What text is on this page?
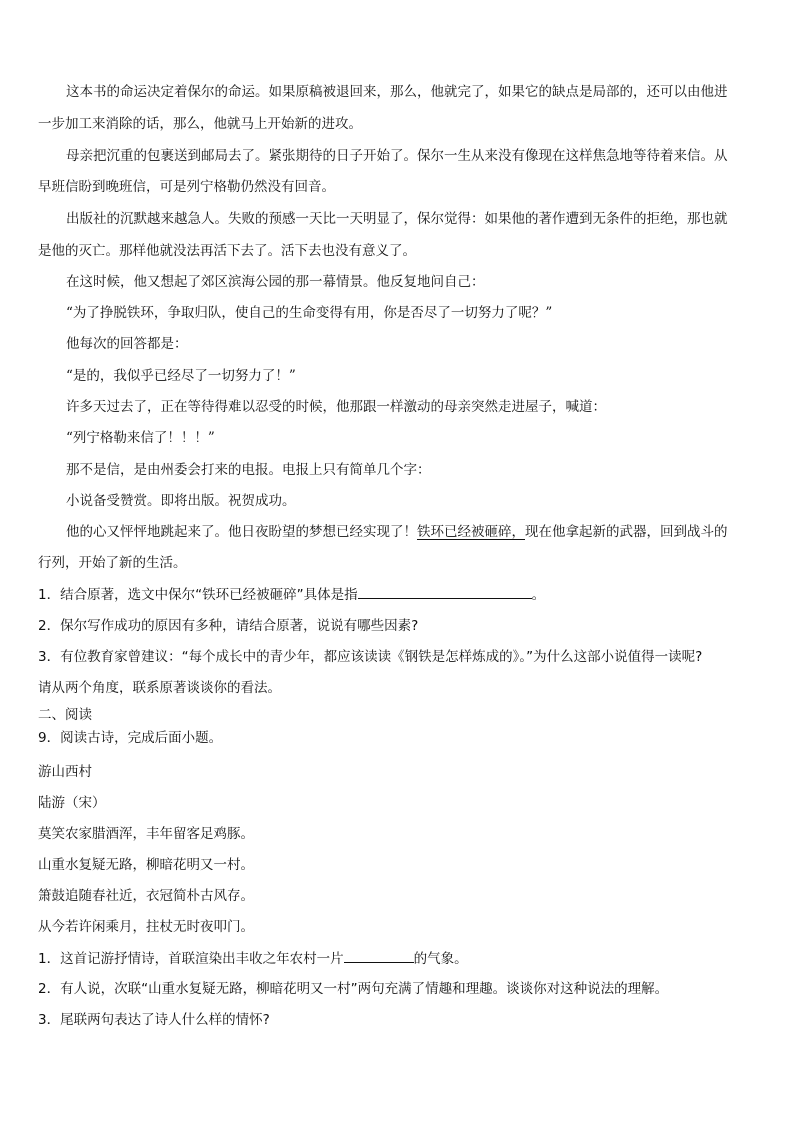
这本书的命运决定着保尔的命运。如果原稿被退回来，那么，他就完了，如果它的缺点是局部的，还可以由他进
一步加工来消除的话，那么，他就马上开始新的进攻。
母亲把沉重的包裹送到邮局去了。紧张期待的日子开始了。保尔一生从来没有像现在这样焦急地等待着来信。从
早班信盼到晚班信，可是列宁格勒仍然没有回音。
出版社的沉默越来越急人。失败的预感一天比一天明显了，保尔觉得：如果他的著作遭到无条件的拒绝，那也就
是他的灭亡。那样他就没法再活下去了。活下去也没有意义了。
在这时候，他又想起了郊区滨海公园的那一幕情景。他反复地问自己：
“为了挣脱铁环，争取归队，使自己的生命变得有用，你是否尽了一切努力了呢？”
他每次的回答都是：
“是的，我似乎已经尽了一切努力了！”
许多天过去了，正在等待得难以忍受的时候，他那跟一样激动的母亲突然走进屋子，喊道：
“列宁格勒来信了！！！”
那不是信，是由州委会打来的电报。电报上只有简单几个字：
小说备受赞赏。即将出版。祝贺成功。
他的心又怦怦地跳起来了。他日夜盼望的梦想已经实现了！铁环已经被砸碎，现在他拿起新的武器，回到战斗的
行列，开始了新的生活。
1．结合原著，选文中保尔“铁环已经被砸碎”具体是指	。
2．保尔写作成功的原因有多种，请结合原著，说说有哪些因素?
3．有位教育家曾建议：“每个成长中的青少年，都应该读读《钢铁是怎样炼成的》。”为什么这部小说值得一读呢?
请从两个角度，联系原著谈谈你的看法。
二、阅读
9．阅读古诗，完成后面小题。
游山西村
陆游（宋）
莫笑农家腊酒浑，丰年留客足鸡豚。
山重水复疑无路，柳暗花明又一村。
箫鼓追随春社近，衣冠简朴古风存。
从今若许闲乘月，拄杖无时夜叩门。
1．这首记游抒情诗，首联渲染出丰收之年农村一片	的气象。
2．有人说，次联“山重水复疑无路，柳暗花明又一村”两句充满了情趣和理趣。谈谈你对这种说法的理解。
3．尾联两句表达了诗人什么样的情怀?
